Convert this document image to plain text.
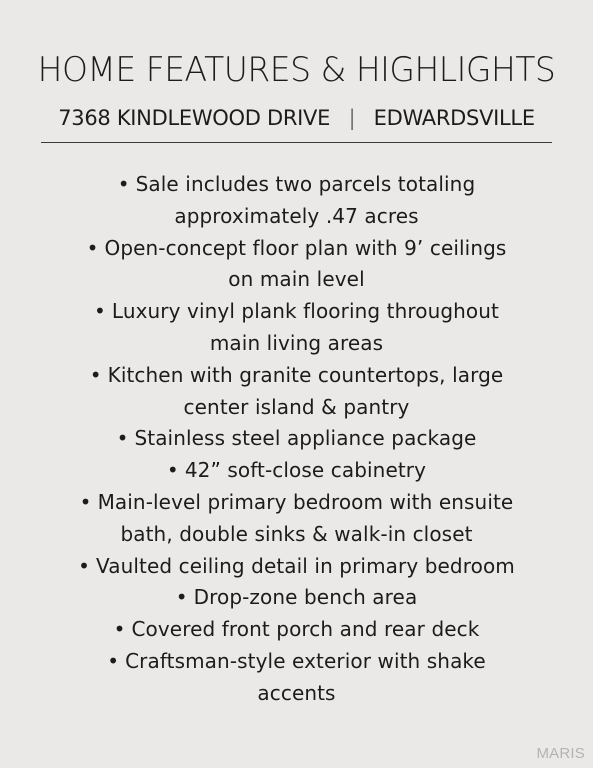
HOME FEATURES & HIGHLIGHTS
7368 KINDLEWOOD DRIVE | EDWARDSVILLE
• Sale includes two parcels totaling
approximately .47 acres
• Open-concept floor plan with 9’ ceilings
on main level
• Luxury vinyl plank flooring throughout
main living areas
• Kitchen with granite countertops, large
center island & pantry
• Stainless steel appliance package
• 42” soft-close cabinetry
• Main-level primary bedroom with ensuite
bath, double sinks & walk-in closet
• Vaulted ceiling detail in primary bedroom
• Drop-zone bench area
• Covered front porch and rear deck
• Craftsman-style exterior with shake
accents
MARIS
